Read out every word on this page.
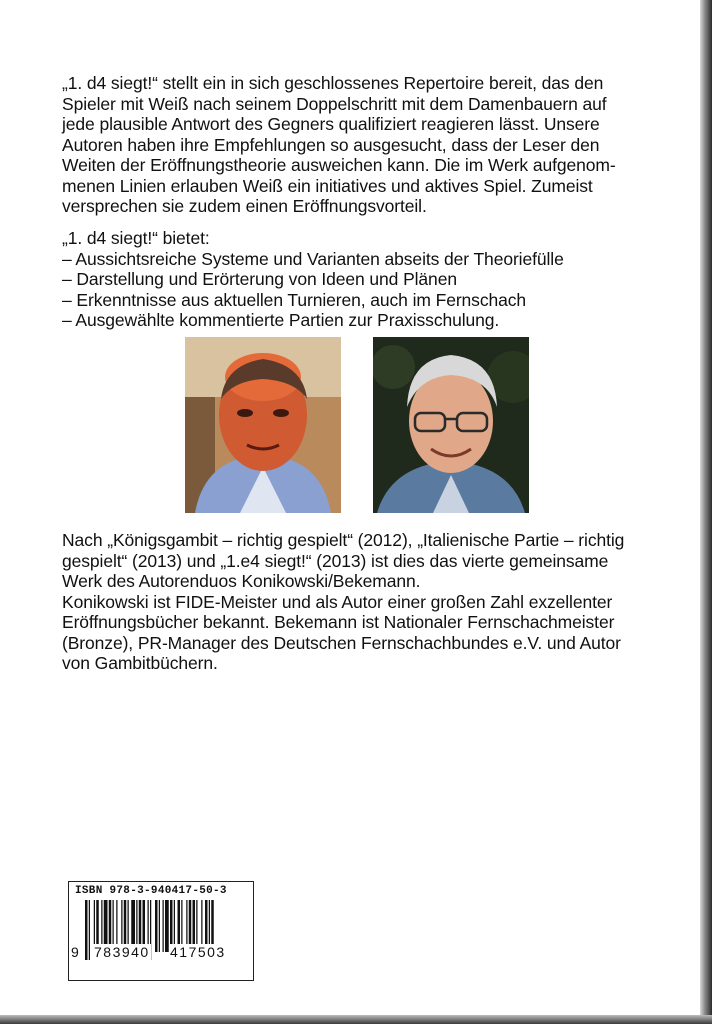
„1. d4 siegt!“ stellt ein in sich geschlossenes Repertoire bereit, das den
Spieler mit Weiß nach seinem Doppelschritt mit dem Damenbauern auf
jede plausible Antwort des Gegners qualifiziert reagieren lässt. Unsere
Autoren haben ihre Empfehlungen so ausgesucht, dass der Leser den
Weiten der Eröffnungstheorie ausweichen kann. Die im Werk aufgenom-
menen Linien erlauben Weiß ein initiatives und aktives Spiel. Zumeist
versprechen sie zudem einen Eröffnungsvorteil.
„1. d4 siegt!“ bietet:
– Aussichtsreiche Systeme und Varianten abseits der Theoriefülle
– Darstellung und Erörterung von Ideen und Plänen
– Erkenntnisse aus aktuellen Turnieren, auch im Fernschach
– Ausgewählte kommentierte Partien zur Praxisschulung.
Nach „Königsgambit – richtig gespielt“ (2012), „Italienische Partie – richtig
gespielt“ (2013) und „1.e4 siegt!“ (2013) ist dies das vierte gemeinsame
Werk des Autorenduos Konikowski/Bekemann.
Konikowski ist FIDE-Meister und als Autor einer großen Zahl exzellenter
Eröffnungsbücher bekannt. Bekemann ist Nationaler Fernschachmeister
(Bronze), PR-Manager des Deutschen Fernschachbundes e.V. und Autor
von Gambitbüchern.
ISBN 978-3-940417-50-3
9 783940 417503
